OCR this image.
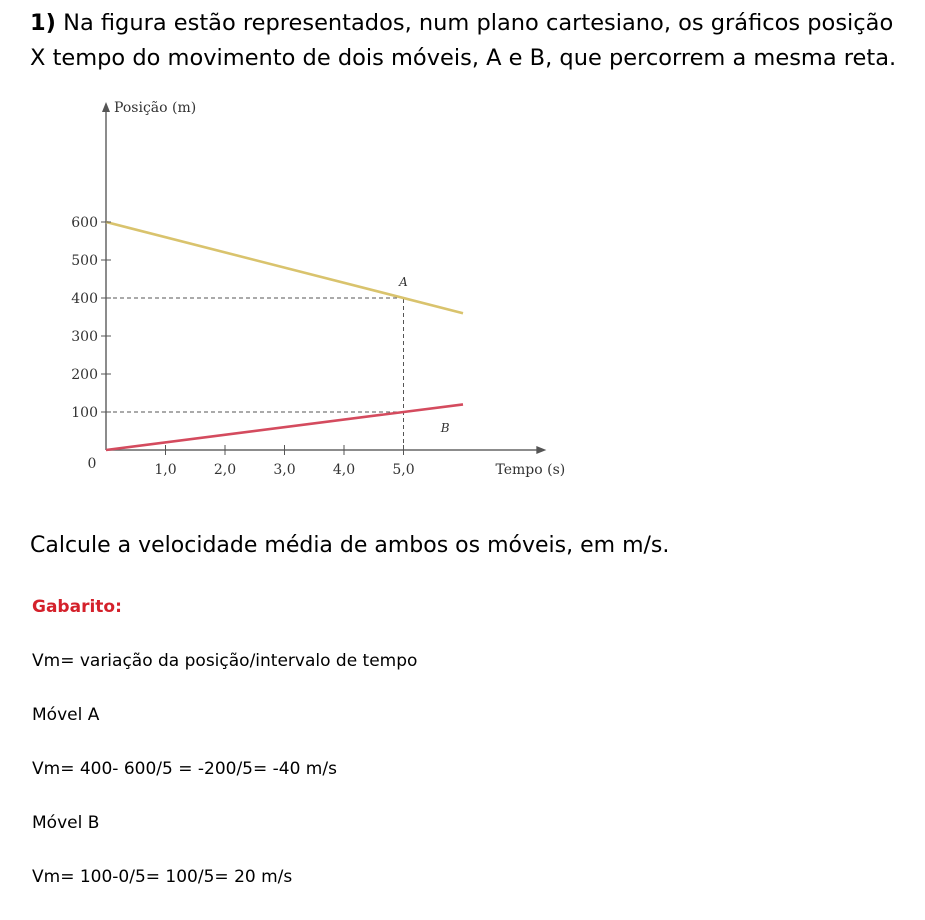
1) Na figura estão representados, num plano cartesiano, os gráficos posição
X tempo do movimento de dois móveis, A e B, que percorrem a mesma reta.
1,0	2,0	3,0	4,0	5,0
100
200
300
400
500
600
0	Tempo (s)
Posição (m)
A
B
Calcule a velocidade média de ambos os móveis, em m/s.
Gabarito:
Vm= variação da posição/intervalo de tempo
Móvel A
Vm= 400- 600/5 = -200/5= -40 m/s
Móvel B
Vm= 100-0/5= 100/5= 20 m/s
